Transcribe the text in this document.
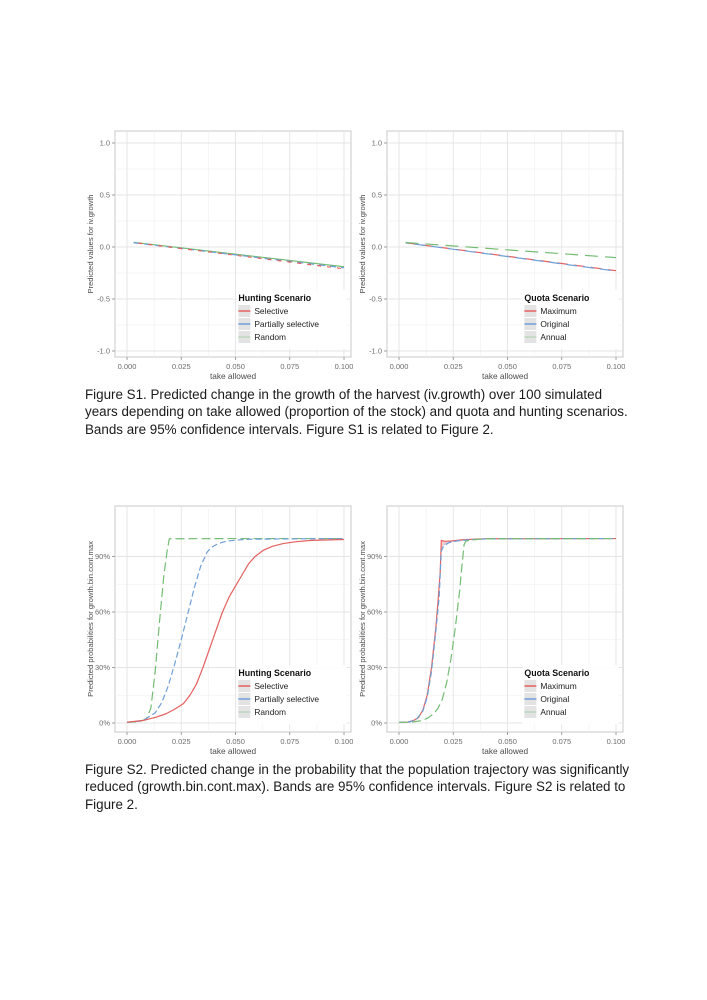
0.000	0.025	0.050	0.075	0.100
-1.0
-0.5
0.0
0.5
1.0
take allowed
Predicted values for iv.growth
Hunting Scenario
Selective
Partially selective
Random
0.000	0.025	0.050	0.075	0.100
-1.0
-0.5
0.0
0.5
1.0
take allowed
Predicted values for iv.growth
Quota Scenario
Maximum
Original
Annual

Figure S1. Predicted change in the growth of the harvest (iv.growth) over 100 simulated years depending on take allowed (proportion of the stock) and quota and hunting scenarios. Bands are 95% confidence intervals. Figure S1 is related to Figure 2.

0.000	0.025	0.050	0.075	0.100
0%
30%
60%
90%
take allowed
Predicted probabilities for growth.bin.cont.max	Hunting Scenario
Selective
Partially selective
Random
0.000	0.025	0.050	0.075	0.100
0%
30%
60%
90%
take allowed
Predicted probabilities for growth.bin.cont.max	Quota Scenario
Maximum
Original
Annual

Figure S2. Predicted change in the probability that the population trajectory was significantly reduced (growth.bin.cont.max). Bands are 95% confidence intervals. Figure S2 is related to Figure 2.
